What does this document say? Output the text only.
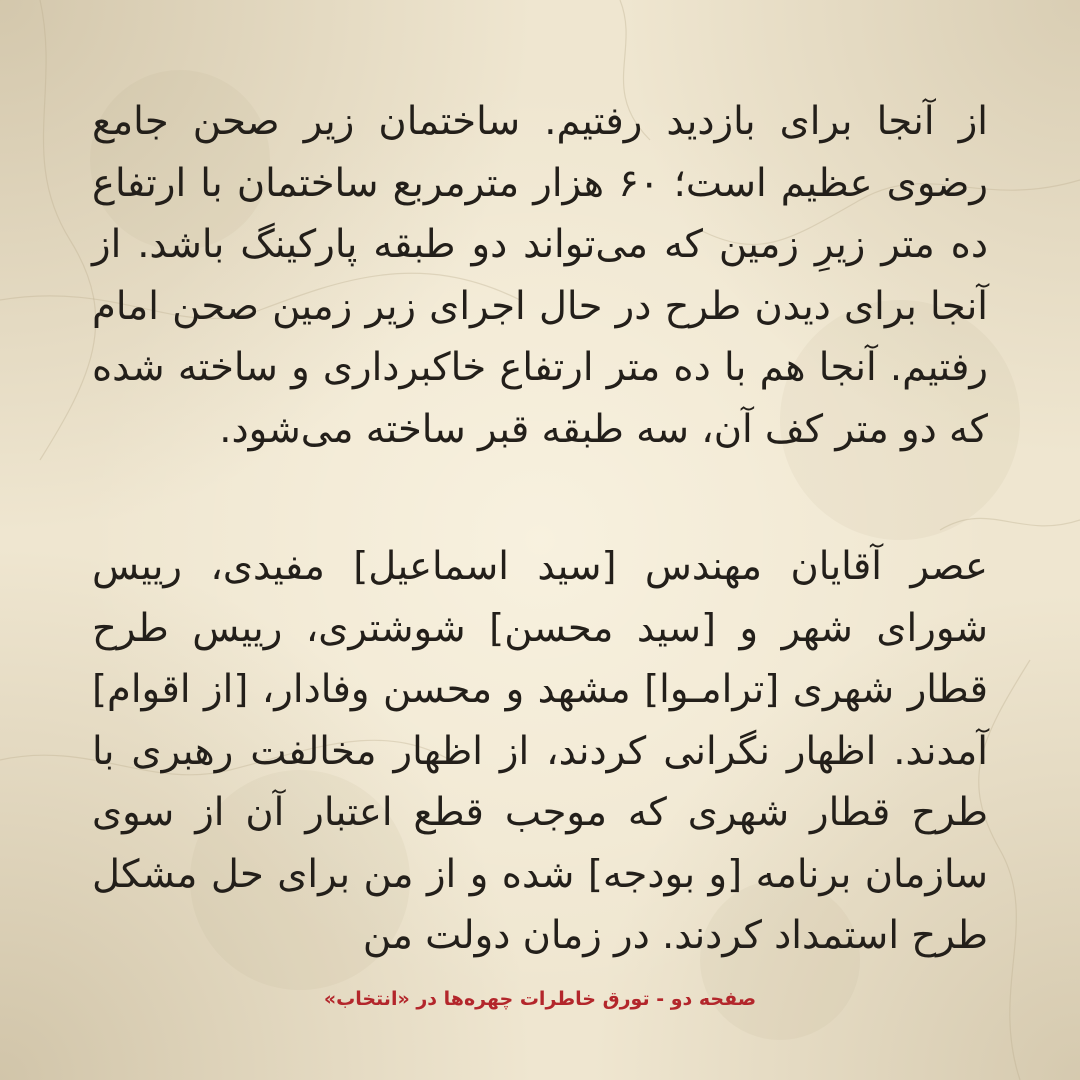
از آنجا برای بازدید رفتیم. ساختمان زیر صحن جامع رضوی عظیم است؛ ۶۰ هزار مترمربع ساختمان با ارتفاع ده متر زیرِ زمین که می‌تواند دو طبقه پارکینگ باشد. از آنجا برای دیدن طرح در حال اجرای زیر زمین صحن امام رفتیم. آنجا هم با ده متر ارتفاع خاکبرداری و ساخته شده که دو متر کف آن، سه طبقه قبر ساخته می‌شود.

عصر آقایان مهندس [سید اسماعیل] مفیدی، رییس شورای شهر و [سید محسن] شوشتری، رییس طرح قطار شهری [ترامـوا] مشهد و محسن وفادار، [از اقوام] آمدند. اظهار نگرانی کردند، از اظهار مخالفت رهبری با طرح قطار شهری که موجب قطع اعتبار آن از سوی سازمان برنامه [و بودجه] شده و از من برای حل مشکل طرح استمداد کردند. در زمان دولت من

صفحه دو - تورق خاطرات چهره‌ها در «انتخاب»
